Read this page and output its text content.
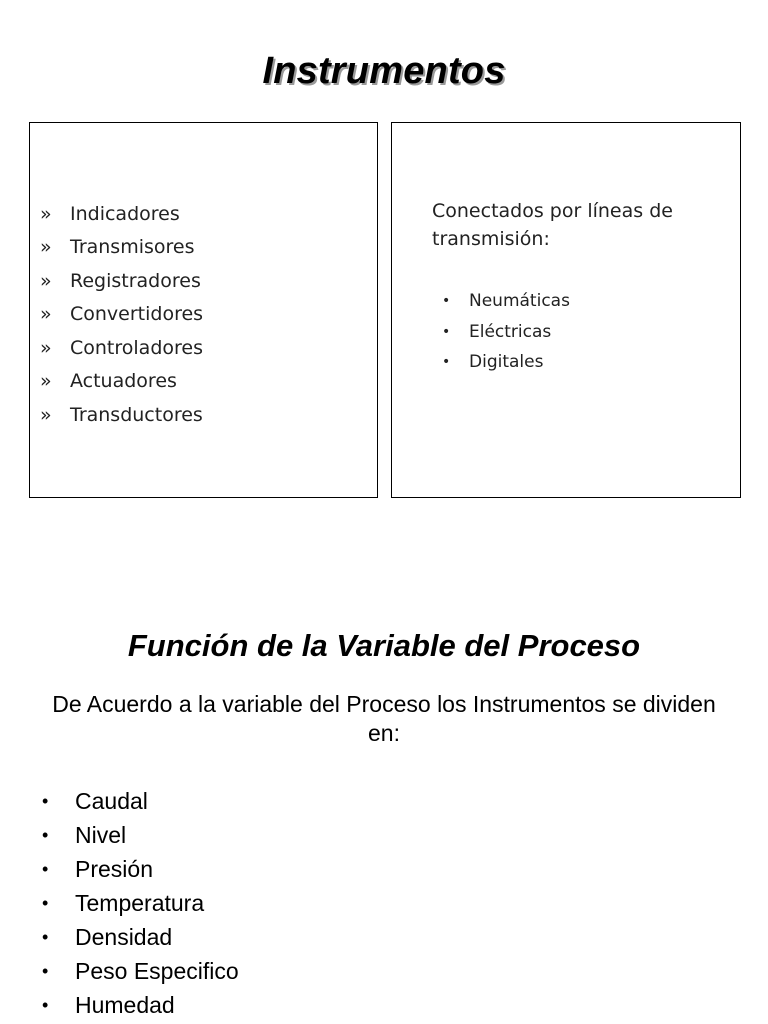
Instrumentos
» Indicadores
» Transmisores
» Registradores
» Convertidores
» Controladores
» Actuadores
» Transductores
Conectados por líneas de transmisión:
•	Neumáticas
•	Eléctricas
•	Digitales
Función de la Variable del Proceso
De Acuerdo a la variable del Proceso los Instrumentos se dividen en:
•	Caudal
•	Nivel
•	Presión
•	Temperatura
•	Densidad
•	Peso Especifico
•	Humedad
